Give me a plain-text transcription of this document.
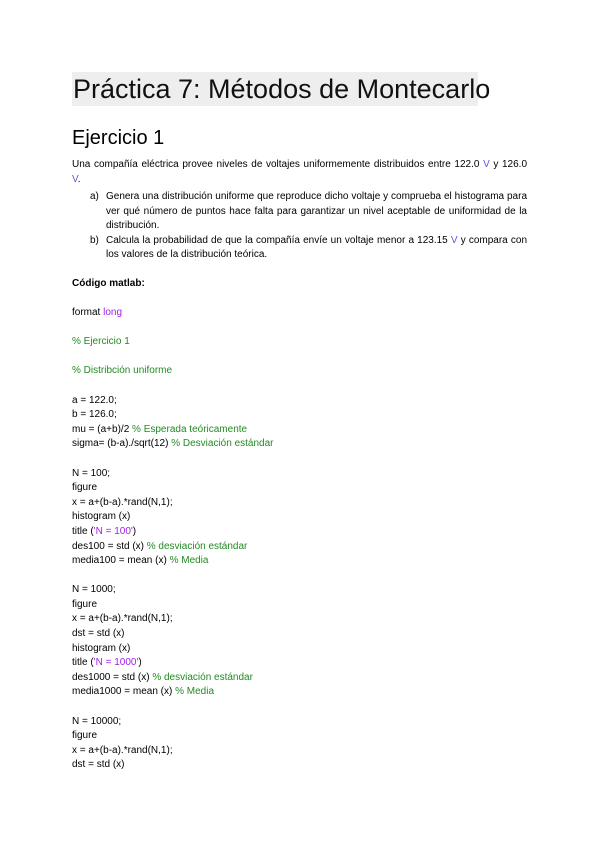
Práctica 7: Métodos de Montecarlo
Ejercicio 1
Una compañía eléctrica provee niveles de voltajes uniformemente distribuidos entre 122.0 V y 126.0 V.
a) Genera una distribución uniforme que reproduce dicho voltaje y comprueba el histograma para ver qué número de puntos hace falta para garantizar un nivel aceptable de uniformidad de la distribución.
b) Calcula la probabilidad de que la compañía envíe un voltaje menor a 123.15 V y compara con los valores de la distribución teórica.
Código matlab:
format long
% Ejercicio 1
% Distribción uniforme
a = 122.0;
b = 126.0;
mu = (a+b)/2 % Esperada teóricamente
sigma= (b-a)./sqrt(12) % Desviación estándar
N = 100;
figure
x = a+(b-a).*rand(N,1);
histogram (x)
title ('N = 100')
des100 = std (x) % desviación estándar
media100 = mean (x) % Media
N = 1000;
figure
x = a+(b-a).*rand(N,1);
dst = std (x)
histogram (x)
title ('N = 1000')
des1000 = std (x) % desviación estándar
media1000 = mean (x) % Media
N = 10000;
figure
x = a+(b-a).*rand(N,1);
dst = std (x)
